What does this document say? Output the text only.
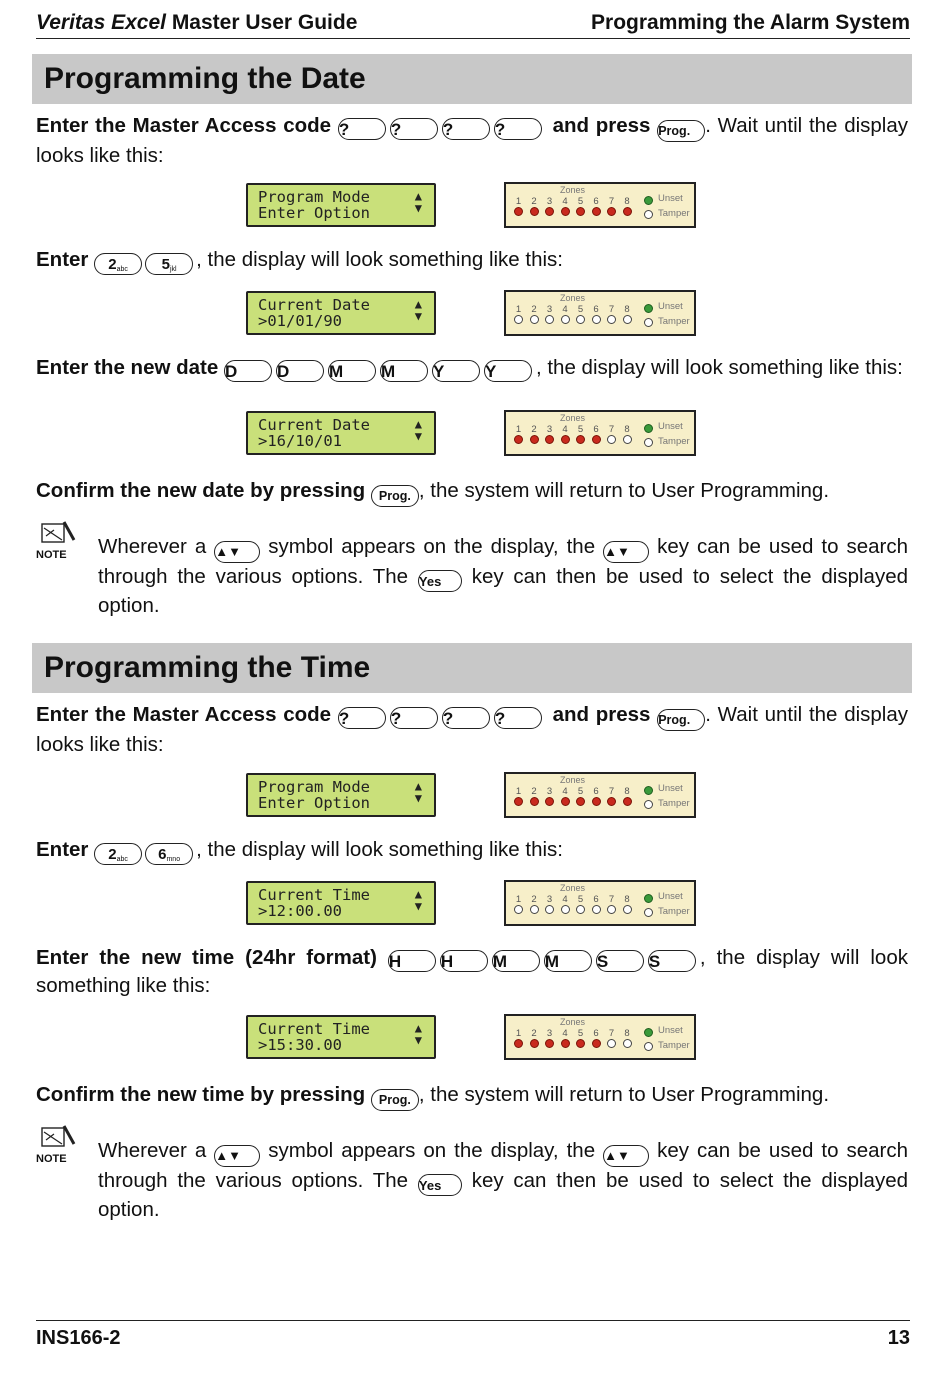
Veritas Excel Master User Guide	Programming the Alarm System
Programming the Date
Enter the Master Access code ? ? ? ? and press Prog. . Wait until the display looks like this:
Program Mode
Enter Option
▲
▼
Zones
1 2 3 4 5 6 7 8	Unset
Tamper
Enter $2_{abc}$ $5_{jkl}$ , the display will look something like this:
Current Date
>01/01/90
▲
▼
Zones
1 2 3 4 5 6 7 8	Unset
Tamper
Enter the new date D D M M Y Y , the display will look something like this:
Current Date
>16/10/01
▲
▼
Zones
1 2 3 4 5 6 7 8	Unset
Tamper
Confirm the new date by pressing Prog. , the system will return to User Programming.
NOTE	Wherever a ▲▼ symbol appears on the display, the ▲▼ key can be used to search through the various options. The Yes key can then be used to select the displayed option.
Programming the Time
Enter the Master Access code ? ? ? ? and press Prog. . Wait until the display looks like this:
Program Mode
Enter Option
▲
▼
Zones
1 2 3 4 5 6 7 8	Unset
Tamper
Enter $2_{abc}$ $6_{mno}$ , the display will look something like this:
Current Time
>12:00.00
▲
▼
Zones
1 2 3 4 5 6 7 8	Unset
Tamper
Enter the new time (24hr format) H H M M S S , the display will look something like this:
Current Time
>15:30.00
▲
▼
Zones
1 2 3 4 5 6 7 8	Unset
Tamper
Confirm the new time by pressing Prog. , the system will return to User Programming.
NOTE	Wherever a ▲▼ symbol appears on the display, the ▲▼ key can be used to search through the various options. The Yes key can then be used to select the displayed option.
INS166-2	13
